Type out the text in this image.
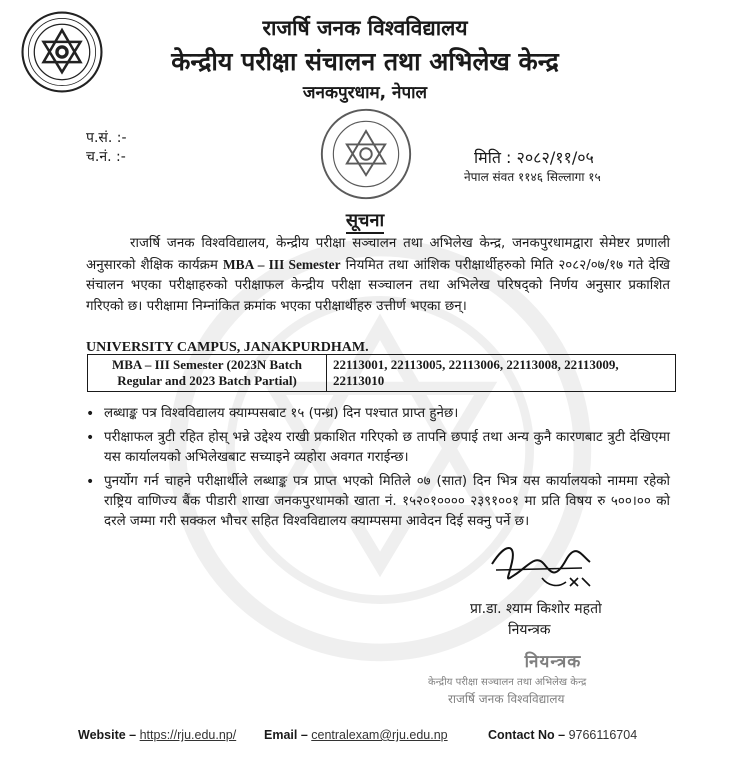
राजर्षि जनक विश्वविद्यालय
केन्द्रीय परीक्षा संचालन तथा अभिलेख केन्द्र
जनकपुरधाम, नेपाल
प.सं. :-
च.नं. :-	मिति : २०८२/११/०५
नेपाल संवत ११४६ सिल्लागा १५
सूचना
राजर्षि जनक विश्वविद्यालय, केन्द्रीय परीक्षा सञ्चालन तथा अभिलेख केन्द्र, जनकपुरधामद्वारा सेमेष्टर प्रणाली अनुसारको शैक्षिक कार्यक्रम MBA – III Semester नियमित तथा आंशिक परीक्षार्थीहरुको मिति २०८२/०७/१७ गते देखि संचालन भएका परीक्षाहरुको परीक्षाफल केन्द्रीय परीक्षा सञ्चालन तथा अभिलेख परिषद्को निर्णय अनुसार प्रकाशित गरिएको छ। परीक्षामा निम्नांकित क्रमांक भएका परीक्षार्थीहरु उत्तीर्ण भएका छन्।
UNIVERSITY CAMPUS, JANAKPURDHAM.
MBA – III Semester (2023N Batch Regular and 2023 Batch Partial)	22113001, 22113005, 22113006, 22113008, 22113009, 22113010
• लब्धाङ्क पत्र विश्वविद्यालय क्याम्पसबाट १५ (पन्ध्र) दिन पश्चात प्राप्त हुनेछ।
• परीक्षाफल त्रुटी रहित होस् भन्ने उद्देश्य राखी प्रकाशित गरिएको छ तापनि छपाई तथा अन्य कुनै कारणबाट त्रुटी देखिएमा यस कार्यालयको अभिलेखबाट सच्याइने व्यहोरा अवगत गराईन्छ।
• पुनर्योग गर्न चाहने परीक्षार्थीले लब्धाङ्क पत्र प्राप्त भएको मितिले ०७ (सात) दिन भित्र यस कार्यालयको नाममा रहेको राष्ट्रिय वाणिज्य बैंक पीडारी शाखा जनकपुरधामको खाता नं. १५२०१०००० २३९१००१ मा प्रति विषय रु ५००।०० को दरले जम्मा गरी सक्कल भौचर सहित विश्वविद्यालय क्याम्पसमा आवेदन दिई सक्नु पर्ने छ।
प्रा.डा. श्याम किशोर महतो
नियन्त्रक
नियन्त्रक
केन्द्रीय परीक्षा सञ्चालन तथा अभिलेख केन्द्र
राजर्षि जनक विश्वविद्यालय
Website – https://rju.edu.np/ Email – centralexam@rju.edu.np	Contact No – 9766116704
